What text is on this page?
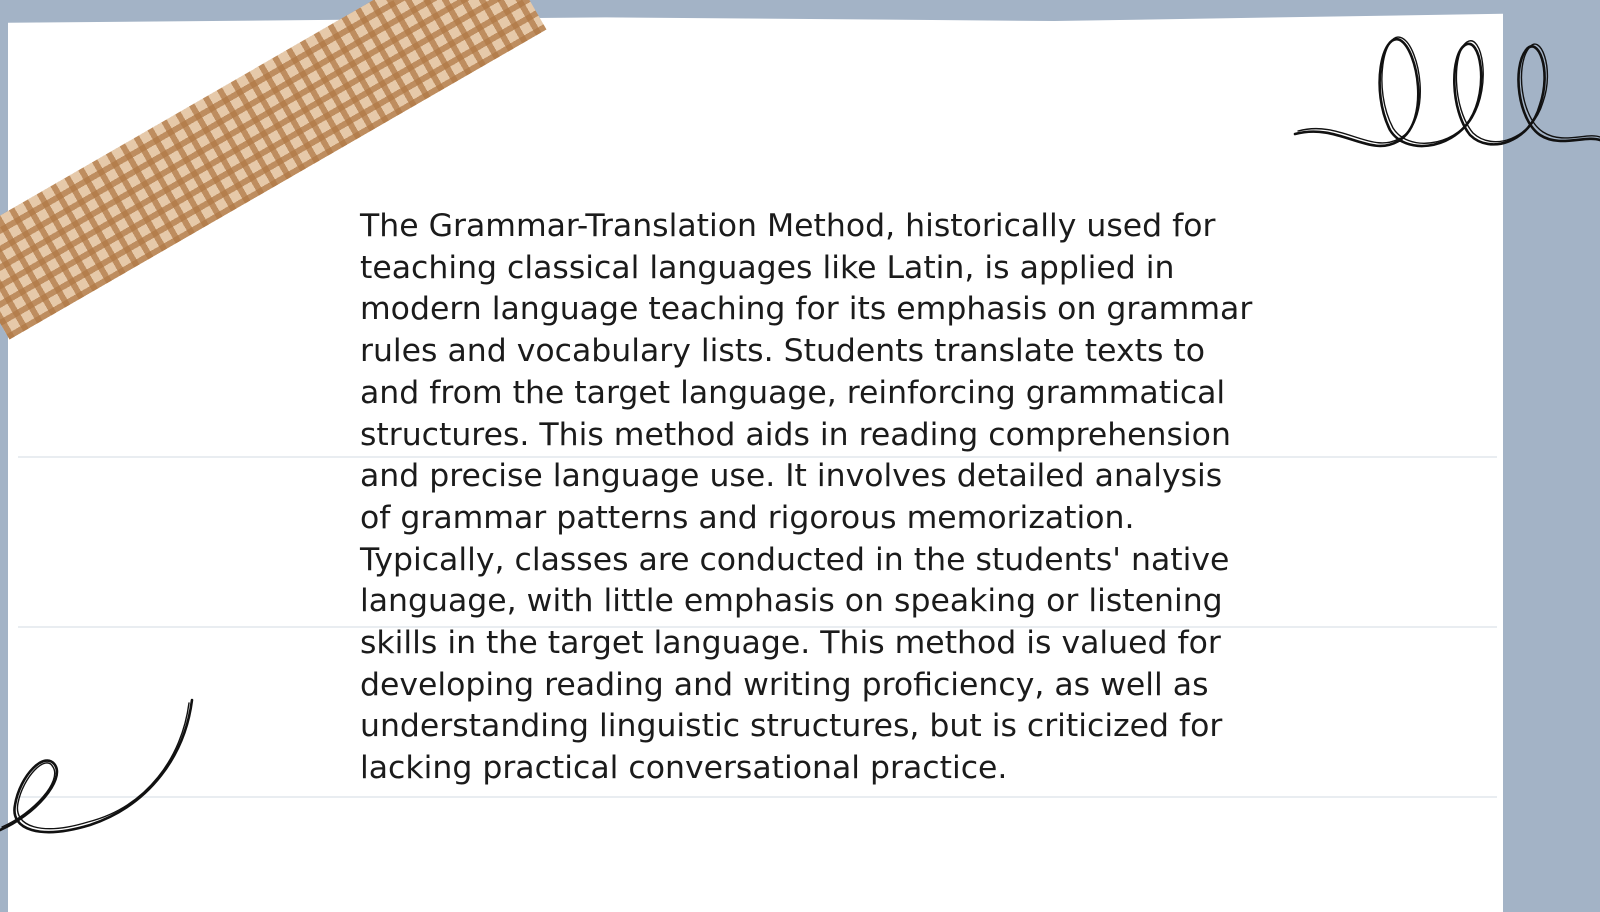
The Grammar-Translation Method, historically used for teaching classical languages like Latin, is applied in modern language teaching for its emphasis on grammar rules and vocabulary lists. Students translate texts to and from the target language, reinforcing grammatical structures. This method aids in reading comprehension and precise language use. It involves detailed analysis of grammar patterns and rigorous memorization. Typically, classes are conducted in the students' native language, with little emphasis on speaking or listening skills in the target language. This method is valued for developing reading and writing proficiency, as well as understanding linguistic structures, but is criticized for lacking practical conversational practice.
